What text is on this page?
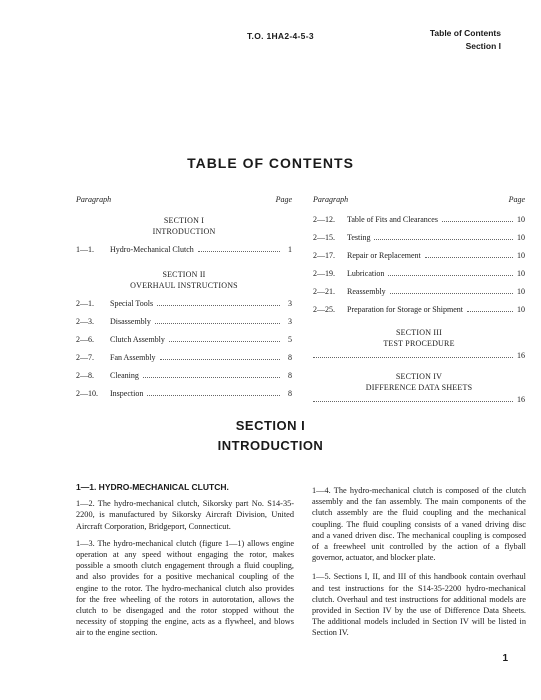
T.O. 1HA2-4-5-3	Table of Contents
Section I
TABLE OF CONTENTS
Paragraph	Page
SECTION I
INTRODUCTION
1—1.	Hydro-Mechanical Clutch	1
SECTION II
OVERHAUL INSTRUCTIONS
2—1.	Special Tools	3
2—3.	Disassembly	3
2—6.	Clutch Assembly	5
2—7.	Fan Assembly	8
2—8.	Cleaning	8
2—10.	Inspection	8
Paragraph	Page
2—12.	Table of Fits and Clearances	10
2—15.	Testing	10
2—17.	Repair or Replacement	10
2—19.	Lubrication	10
2—21.	Reassembly	10
2—25.	Preparation for Storage or Shipment	10
SECTION III
TEST PROCEDURE
16
SECTION IV
DIFFERENCE DATA SHEETS
16
SECTION I
INTRODUCTION

1—1. HYDRO-MECHANICAL CLUTCH.

1—2. The hydro-mechanical clutch, Sikorsky part No. S14-35-2200, is manufactured by Sikorsky Aircraft Division, United Aircraft Corporation, Bridgeport, Connecticut.

1—3. The hydro-mechanical clutch (figure 1—1) allows engine operation at any speed without engaging the rotor, makes possible a smooth clutch engagement through a fluid coupling, and also provides for a positive mechanical coupling of the engine to the rotor. The hydro-mechanical clutch also provides for the free wheeling of the rotors in autorotation, allows the clutch to be disengaged and the rotor stopped without the necessity of stopping the engine, acts as a flywheel, and blows air to the engine section.

1—4. The hydro-mechanical clutch is composed of the clutch assembly and the fan assembly. The main components of the clutch assembly are the fluid coupling and the mechanical coupling. The fluid coupling consists of a vaned driving disc and a vaned driven disc. The mechanical coupling is composed of a freewheel unit controlled by the action of a flyball governor, actuator, and blocker plate.

1—5. Sections I, II, and III of this handbook contain overhaul and test instructions for the S14-35-2200 hydro-mechanical clutch. Overhaul and test instructions for additional models are provided in Section IV by the use of Difference Data Sheets. The additional models included in Section IV will be listed in Section IV.

1
